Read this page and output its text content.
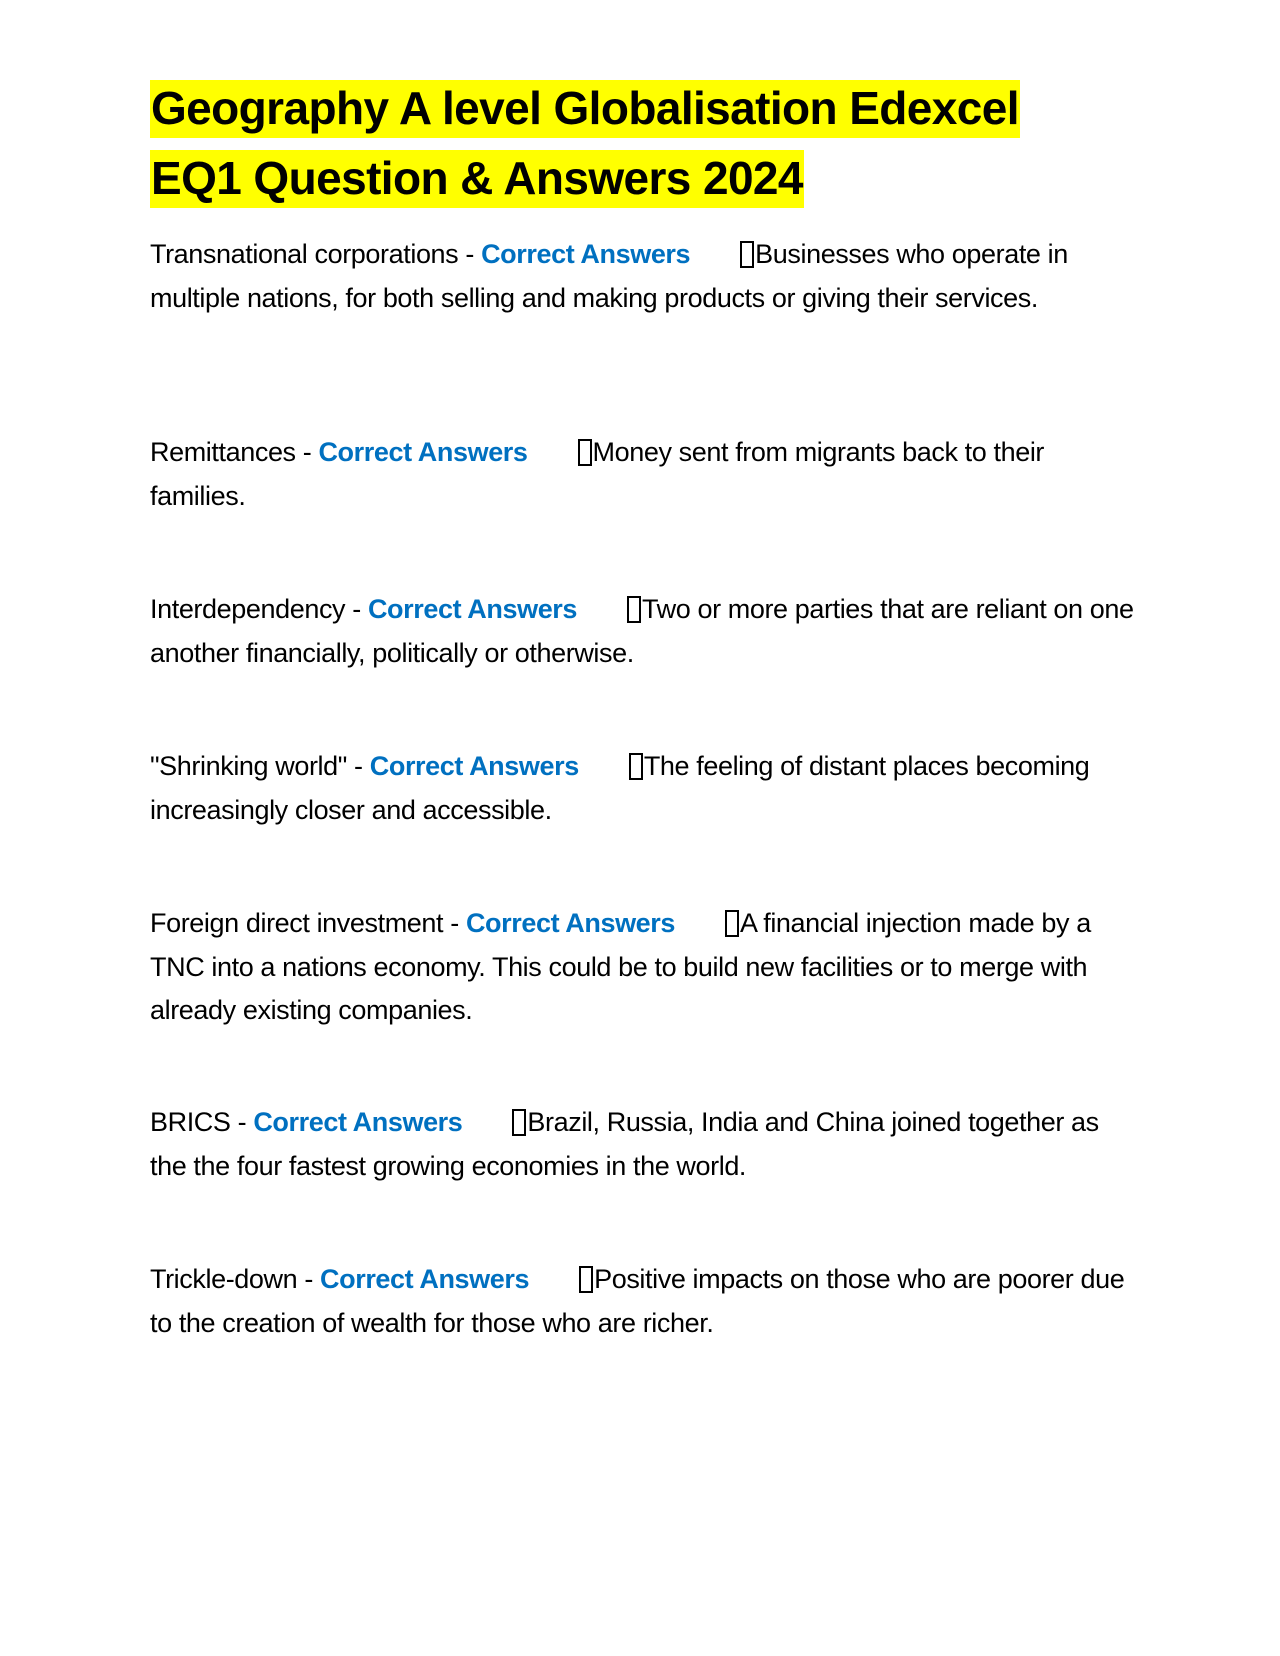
Geography A level Globalisation Edexcel
EQ1 Question & Answers 2024

Transnational corporations - Correct Answers Businesses who operate in multiple nations, for both selling and making products or giving their services.

Remittances - Correct Answers Money sent from migrants back to their families.

Interdependency - Correct Answers Two or more parties that are reliant on one another financially, politically or otherwise.

"Shrinking world" - Correct Answers The feeling of distant places becoming increasingly closer and accessible.

Foreign direct investment - Correct Answers A financial injection made by a TNC into a nations economy. This could be to build new facilities or to merge with already existing companies.

BRICS - Correct Answers Brazil, Russia, India and China joined together as the the four fastest growing economies in the world.

Trickle-down - Correct Answers Positive impacts on those who are poorer due to the creation of wealth for those who are richer.
